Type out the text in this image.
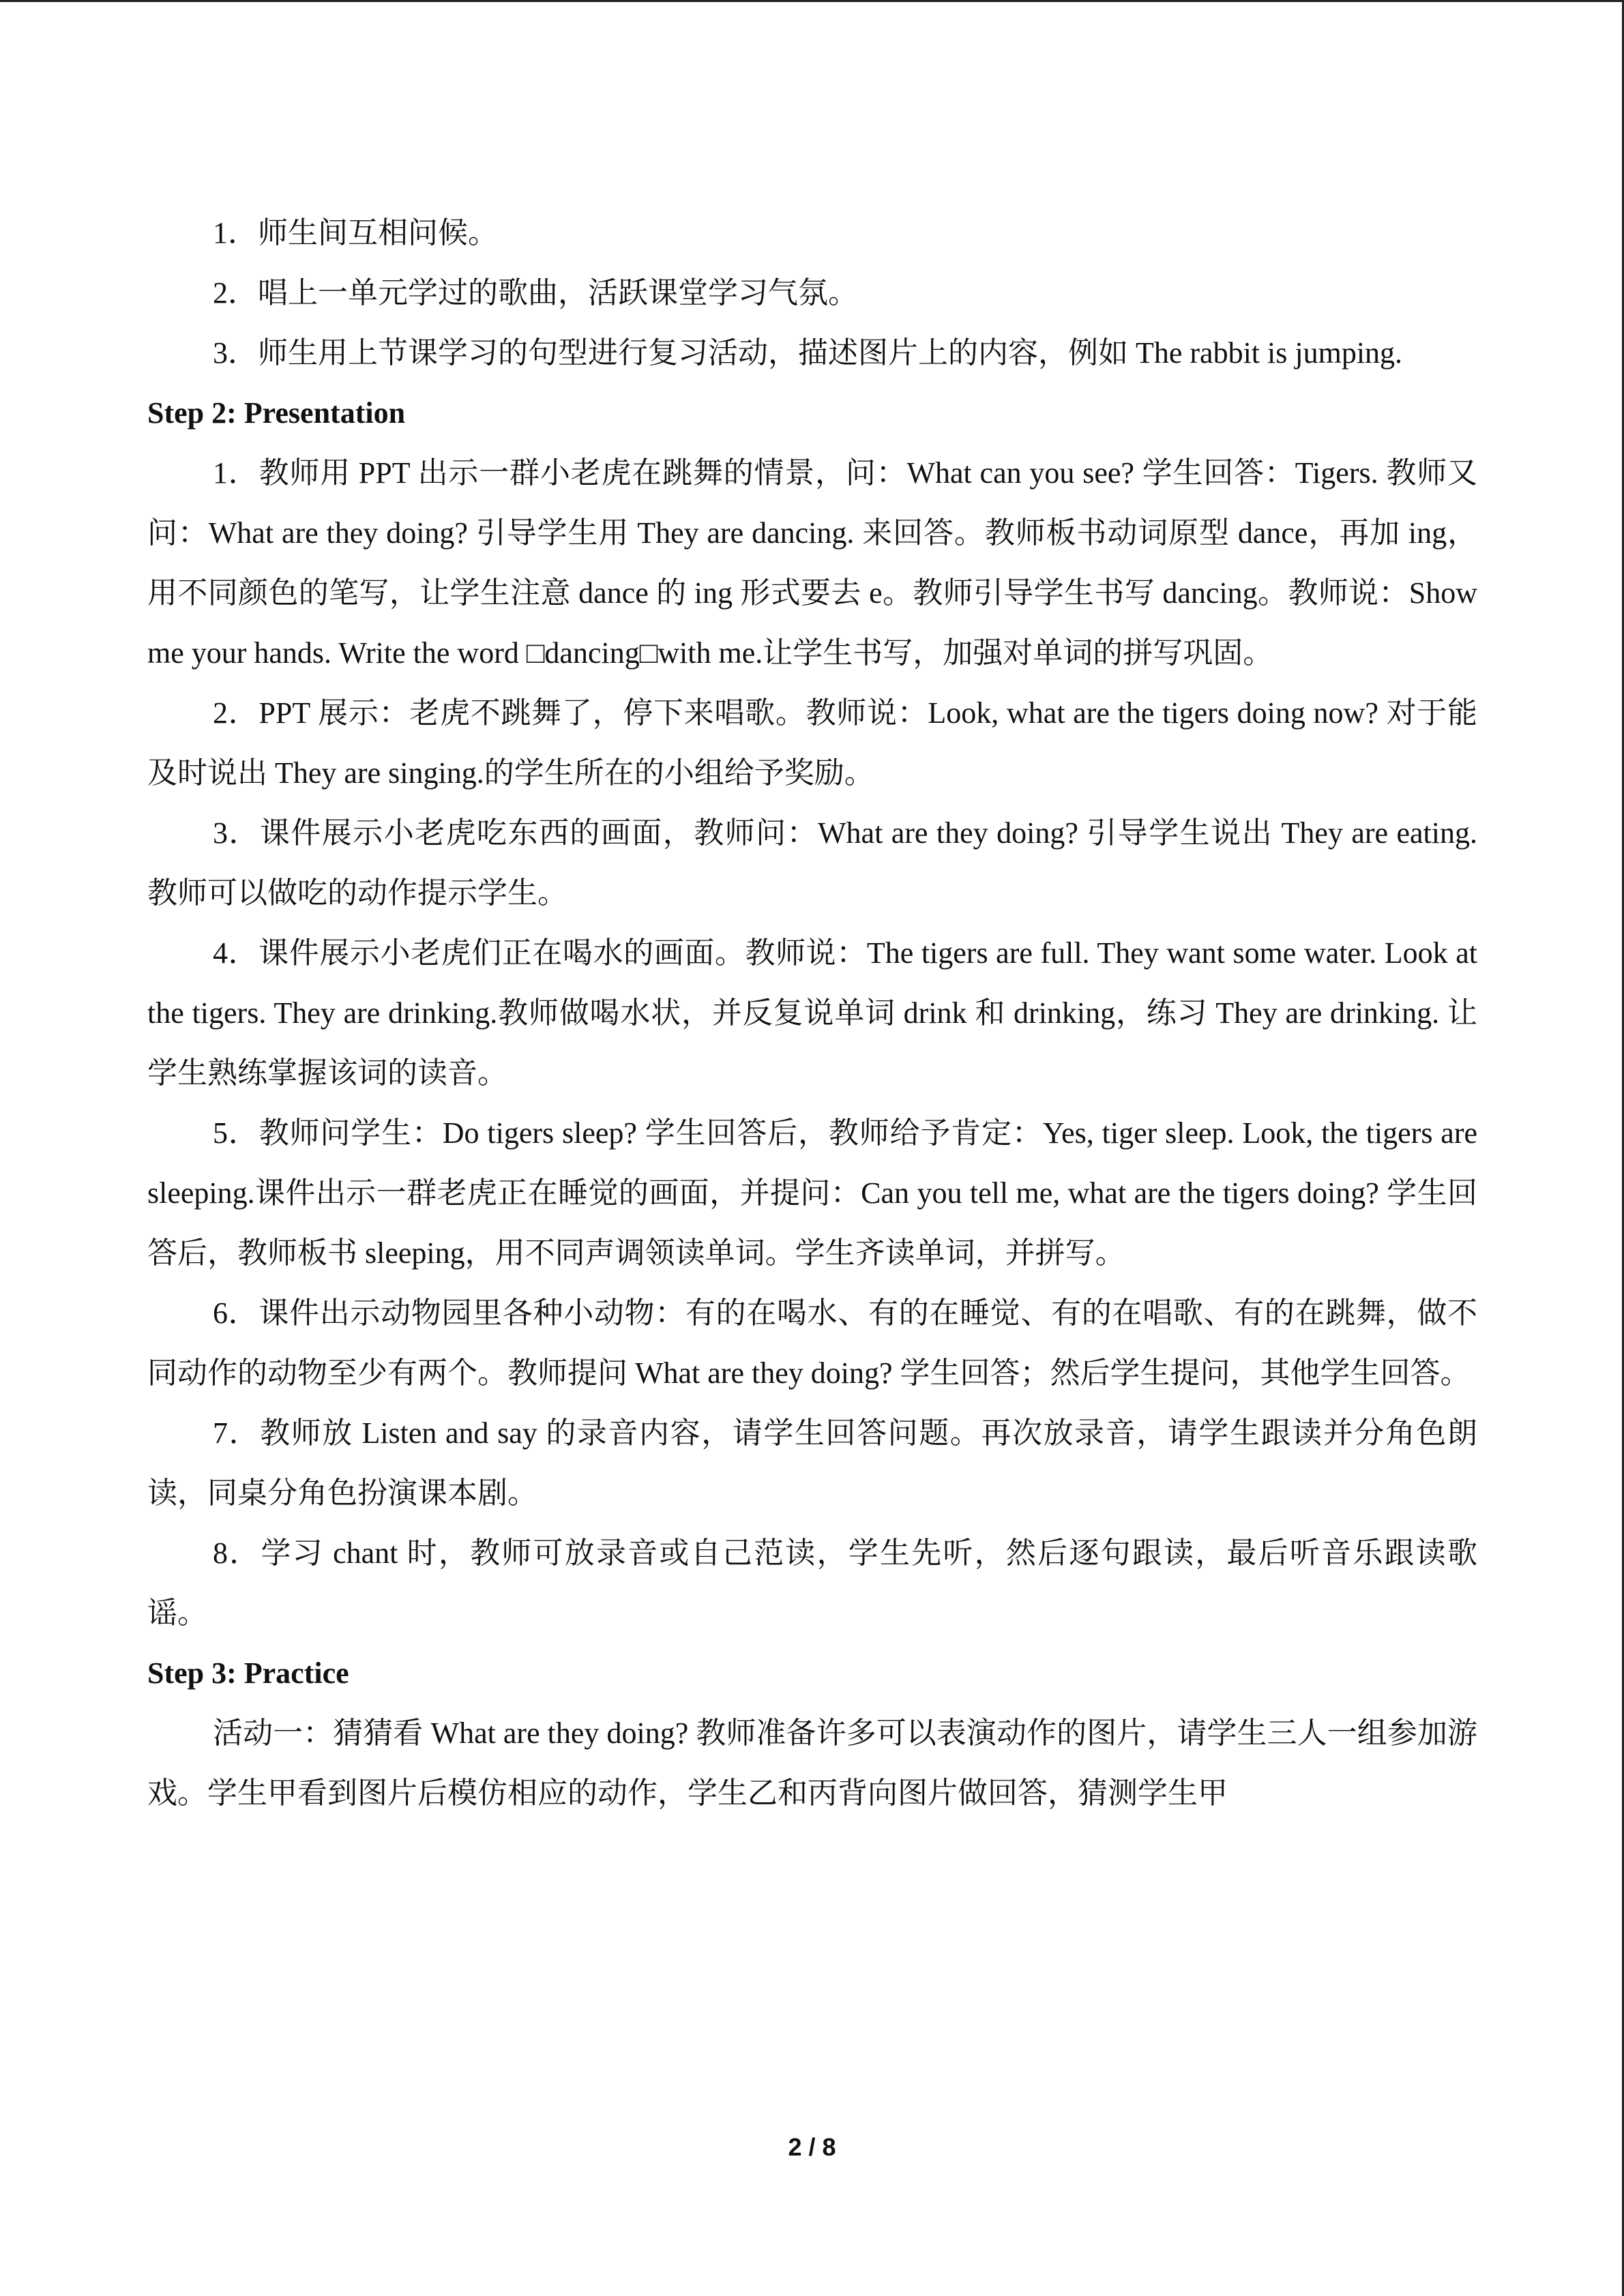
1．师生间互相问候。

2．唱上一单元学过的歌曲，活跃课堂学习气氛。

3．师生用上节课学习的句型进行复习活动，描述图片上的内容，例如 The rabbit is jumping.

Step 2: Presentation

1．教师用 PPT 出示一群小老虎在跳舞的情景，问：What can you see? 学生回答：Tigers. 教师又问：What are they doing? 引导学生用 They are dancing. 来回答。教师板书动词原型 dance，再加 ing，用不同颜色的笔写，让学生注意 dance 的 ing 形式要去 e。教师引导学生书写 dancing。教师说：Show me your hands. Write the word □dancing□with me.让学生书写，加强对单词的拼写巩固。

2．PPT 展示：老虎不跳舞了，停下来唱歌。教师说：Look, what are the tigers doing now? 对于能及时说出 They are singing.的学生所在的小组给予奖励。

3．课件展示小老虎吃东西的画面，教师问：What are they doing? 引导学生说出 They are eating. 教师可以做吃的动作提示学生。

4．课件展示小老虎们正在喝水的画面。教师说：The tigers are full. They want some water. Look at the tigers. They are drinking.教师做喝水状，并反复说单词 drink 和 drinking，练习 They are drinking. 让学生熟练掌握该词的读音。

5．教师问学生：Do tigers sleep? 学生回答后，教师给予肯定：Yes, tiger sleep. Look, the tigers are sleeping.课件出示一群老虎正在睡觉的画面，并提问：Can you tell me, what are the tigers doing? 学生回答后，教师板书 sleeping，用不同声调领读单词。学生齐读单词，并拼写。

6．课件出示动物园里各种小动物：有的在喝水、有的在睡觉、有的在唱歌、有的在跳舞，做不同动作的动物至少有两个。教师提问 What are they doing? 学生回答；然后学生提问，其他学生回答。

7．教师放 Listen and say 的录音内容，请学生回答问题。再次放录音，请学生跟读并分角色朗读，同桌分角色扮演课本剧。

8．学习 chant 时，教师可放录音或自己范读，学生先听，然后逐句跟读，最后听音乐跟读歌谣。

Step 3: Practice

活动一：猜猜看 What are they doing? 教师准备许多可以表演动作的图片，请学生三人一组参加游戏。学生甲看到图片后模仿相应的动作，学生乙和丙背向图片做回答，猜测学生甲

2 / 8
